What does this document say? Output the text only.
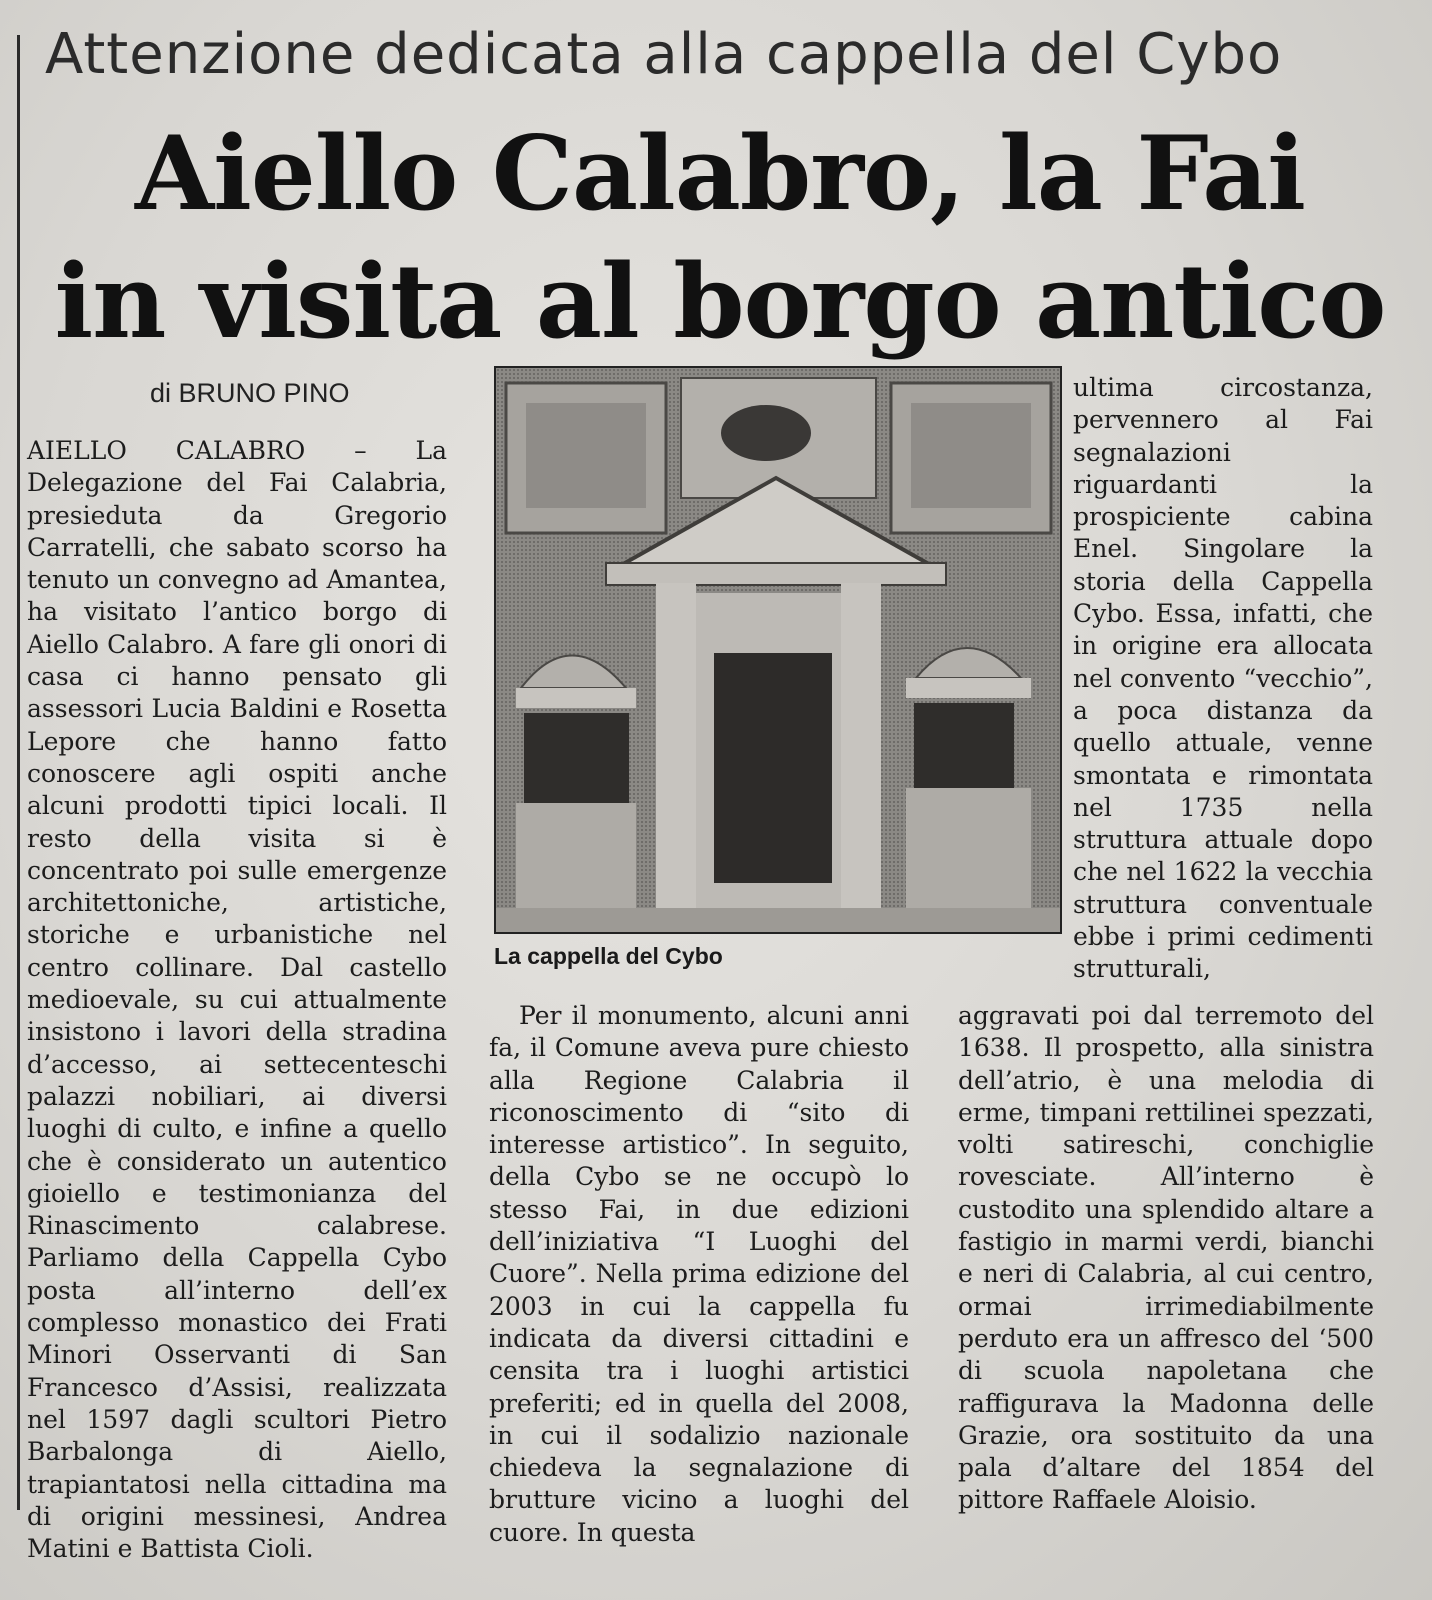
Attenzione dedicata alla cappella del Cybo
Aiello Calabro, la Fai
in visita al borgo antico
di BRUNO PINO

AIELLO CALABRO – La Delegazione del Fai Calabria, presieduta da Gregorio Carratelli, che sabato scorso ha tenuto un convegno ad Amantea, ha visitato l’antico borgo di Aiello Calabro. A fare gli onori di casa ci hanno pensato gli assessori Lucia Baldini e Rosetta Lepore che hanno fatto conoscere agli ospiti anche alcuni prodotti tipici locali. Il resto della visita si è concentrato poi sulle emergenze architettoniche, artistiche, storiche e urbanistiche nel centro collinare. Dal castello medioevale, su cui attualmente insistono i lavori della stradina d’accesso, ai settecenteschi palazzi nobiliari, ai diversi luoghi di culto, e infine a quello che è considerato un autentico gioiello e testimonianza del Rinascimento calabrese. Parliamo della Cappella Cybo posta all’interno dell’ex complesso monastico dei Frati Minori Osservanti di San Francesco d’Assisi, realizzata nel 1597 dagli scultori Pietro Barbalonga di Aiello, trapiantatosi nella cittadina ma di origini messinesi, Andrea Matini e Battista Cioli.

La cappella del Cybo

Per il monumento, alcuni anni fa, il Comune aveva pure chiesto alla Regione Calabria il riconoscimento di “sito di interesse artistico”. In seguito, della Cybo se ne occupò lo stesso Fai, in due edizioni dell’iniziativa “I Luoghi del Cuore”. Nella prima edizione del 2003 in cui la cappella fu indicata da diversi cittadini e censita tra i luoghi artistici preferiti; ed in quella del 2008, in cui il sodalizio nazionale chiedeva la segnalazione di brutture vicino a luoghi del cuore. In questa

ultima circostanza, pervennero al Fai segnalazioni riguardanti la prospiciente cabina Enel. Singolare la storia della Cappella Cybo. Essa, infatti, che in origine era allocata nel convento “vecchio”, a poca distanza da quello attuale, venne smontata e rimontata nel 1735 nella struttura attuale dopo che nel 1622 la vecchia struttura conventuale ebbe i primi cedimenti strutturali,

aggravati poi dal terremoto del 1638. Il prospetto, alla sinistra dell’atrio, è una melodia di erme, timpani rettilinei spezzati, volti satireschi, conchiglie rovesciate. All’interno è custodito una splendido altare a fastigio in marmi verdi, bianchi e neri di Calabria, al cui centro, ormai irrimediabilmente perduto era un affresco del ‘500 di scuola napoletana che raffigurava la Madonna delle Grazie, ora sostituito da una pala d’altare del 1854 del pittore Raffaele Aloisio.
